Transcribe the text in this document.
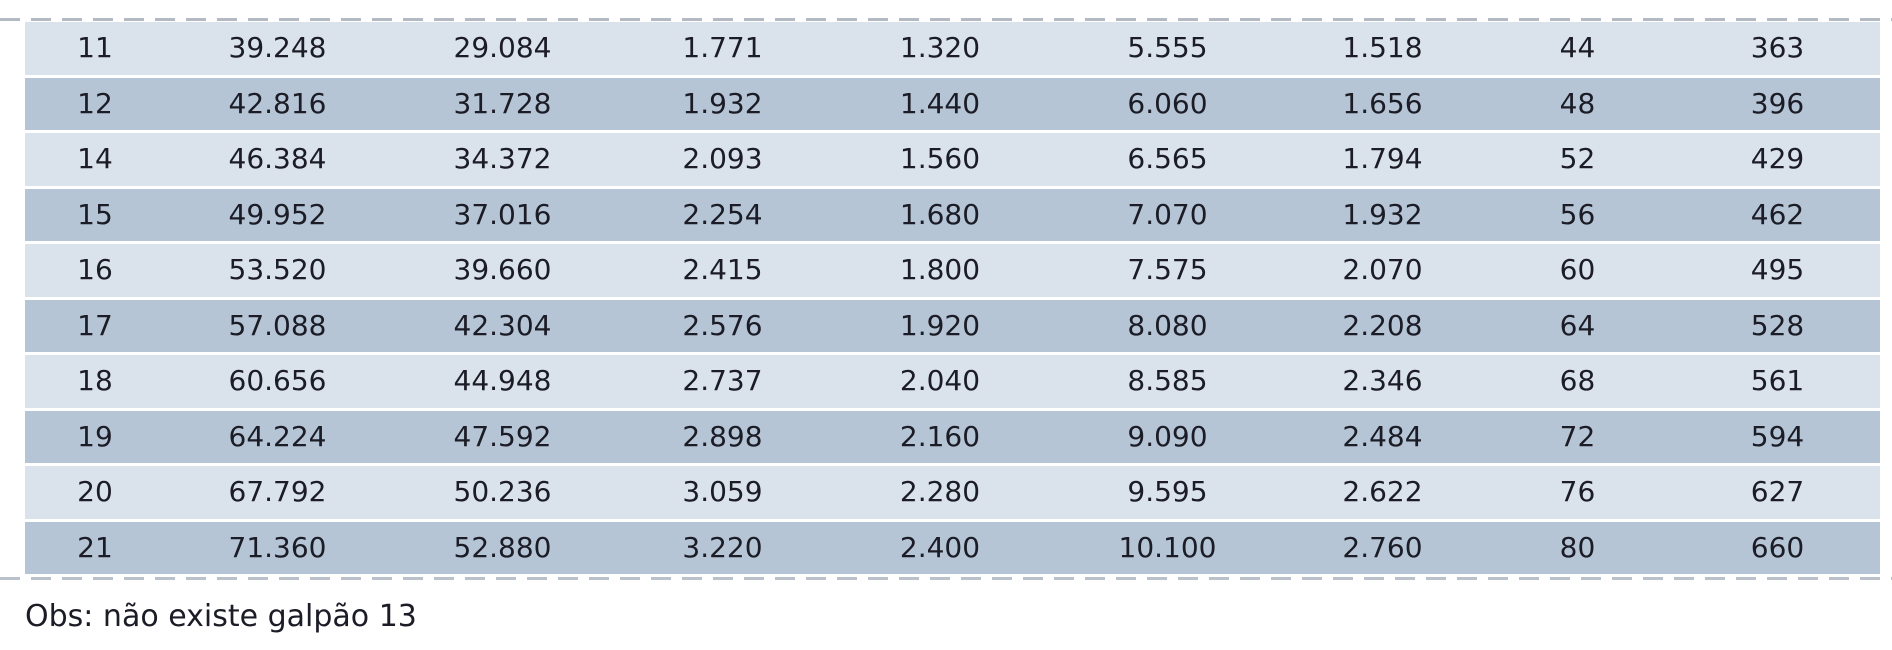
11	39.248	29.084	1.771	1.320	5.555	1.518	44	363
12	42.816	31.728	1.932	1.440	6.060	1.656	48	396
14	46.384	34.372	2.093	1.560	6.565	1.794	52	429
15	49.952	37.016	2.254	1.680	7.070	1.932	56	462
16	53.520	39.660	2.415	1.800	7.575	2.070	60	495
17	57.088	42.304	2.576	1.920	8.080	2.208	64	528
18	60.656	44.948	2.737	2.040	8.585	2.346	68	561
19	64.224	47.592	2.898	2.160	9.090	2.484	72	594
20	67.792	50.236	3.059	2.280	9.595	2.622	76	627
21	71.360	52.880	3.220	2.400	10.100	2.760	80	660
Obs: não existe galpão 13
